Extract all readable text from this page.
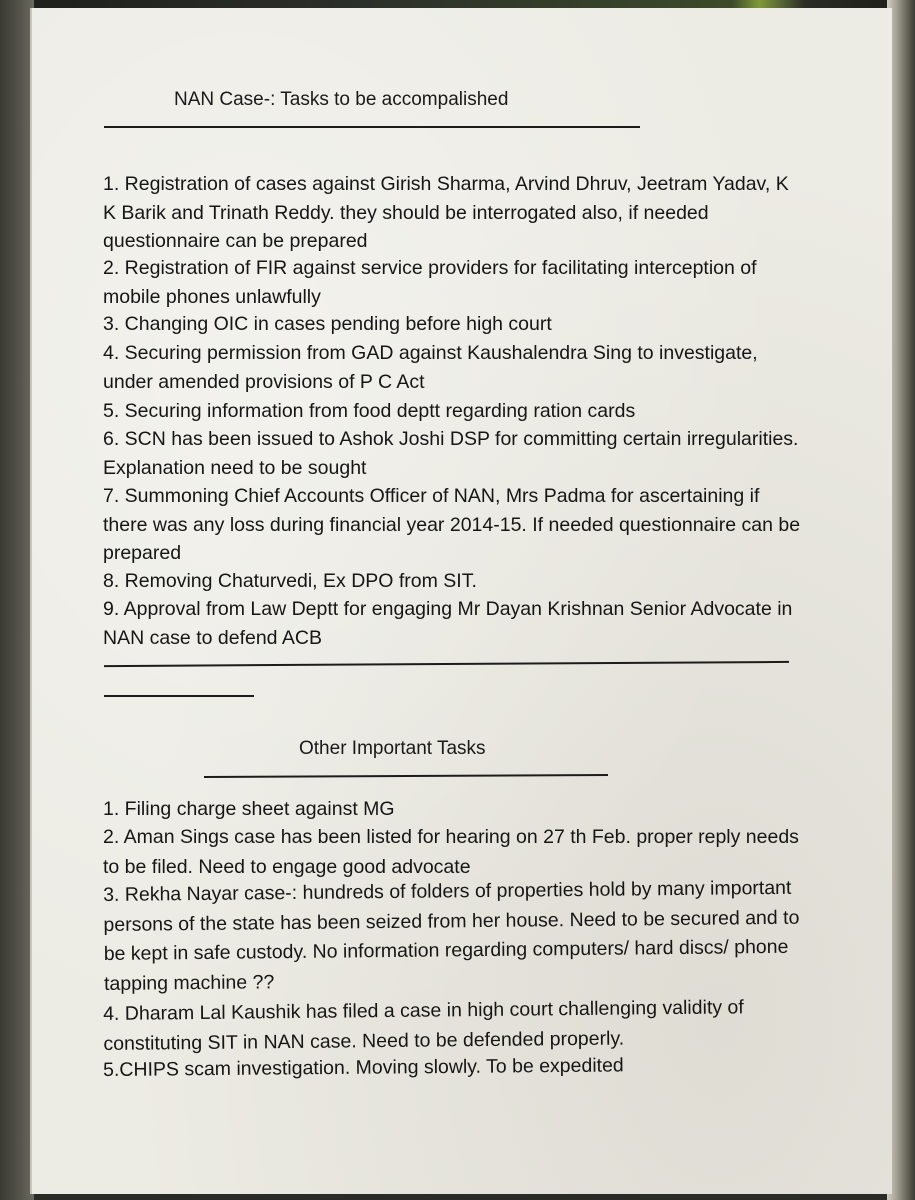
NAN Case-: Tasks to be accompalished
1. Registration of cases against Girish Sharma, Arvind Dhruv, Jeetram Yadav, K K Barik and Trinath Reddy. they should be interrogated also, if needed questionnaire can be prepared
2. Registration of FIR against service providers for facilitating interception of mobile phones unlawfully
3. Changing OIC in cases pending before high court
4. Securing permission from GAD against Kaushalendra Sing to investigate, under amended provisions of P C Act
5. Securing information from food deptt regarding ration cards
6. SCN has been issued to Ashok Joshi DSP for committing certain irregularities. Explanation need to be sought
7. Summoning Chief Accounts Officer of NAN, Mrs Padma for ascertaining if there was any loss during financial year 2014-15. If needed questionnaire can be prepared
8. Removing Chaturvedi, Ex DPO from SIT.
9. Approval from Law Deptt for engaging Mr Dayan Krishnan Senior Advocate in NAN case to defend ACB
Other Important Tasks
1. Filing charge sheet against MG
2. Aman Sings case has been listed for hearing on 27 th Feb. proper reply needs to be filed. Need to engage good advocate
3. Rekha Nayar case-: hundreds of folders of properties hold by many important persons of the state has been seized from her house. Need to be secured and to be kept in safe custody. No information regarding computers/ hard discs/ phone tapping machine ??
4. Dharam Lal Kaushik has filed a case in high court challenging validity of constituting SIT in NAN case. Need to be defended properly.
5.CHIPS scam investigation. Moving slowly. To be expedited
